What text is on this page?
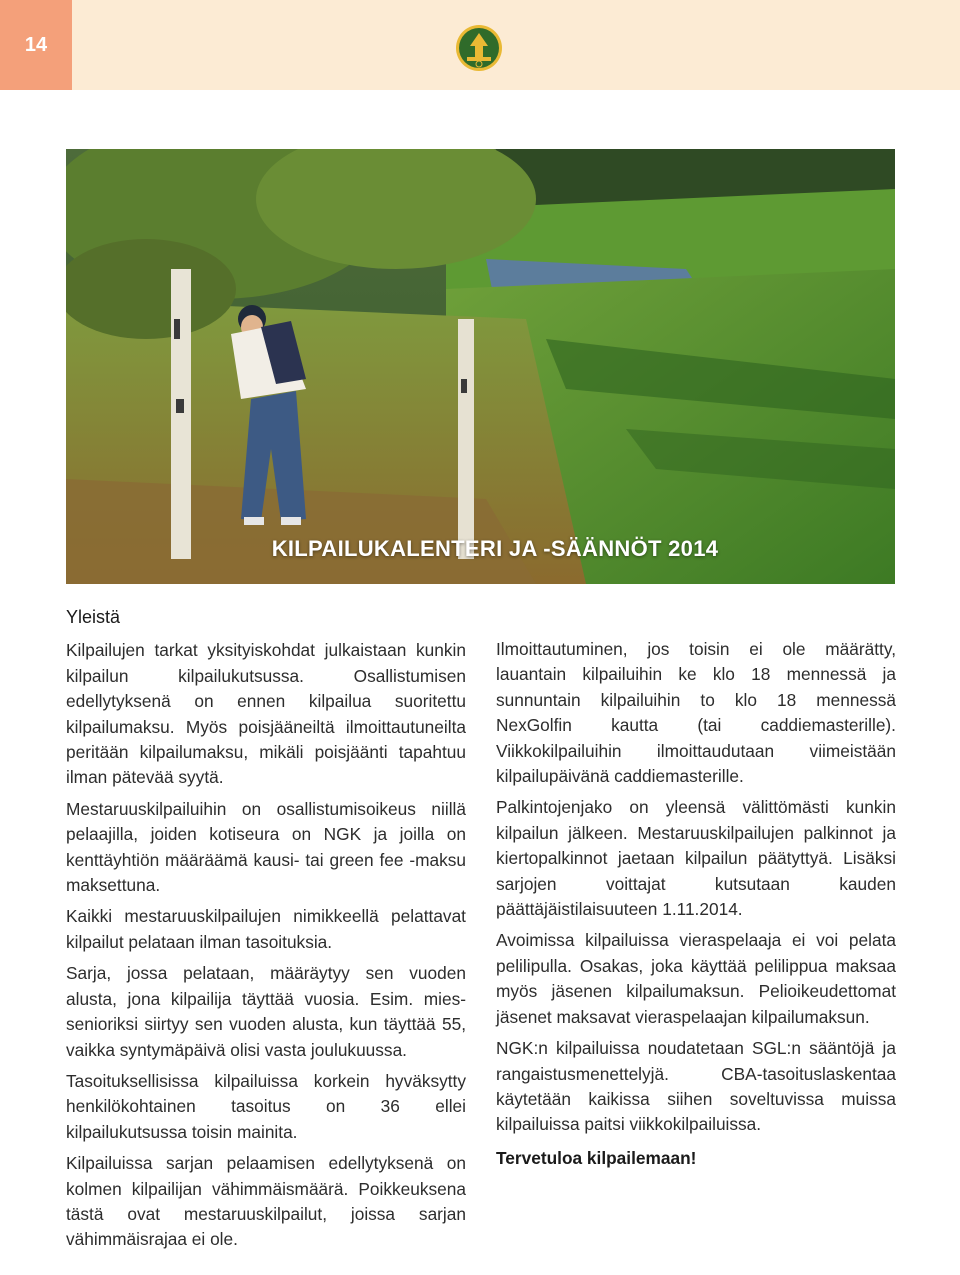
14
KILPAILUKALENTERI JA -SÄÄNNÖT 2014
Yleistä

Kilpailujen tarkat yksityiskohdat julkaistaan kunkin kilpailun kilpailukutsussa. Osallistumisen edellytyksenä on ennen kilpailua suoritettu kilpailumaksu. Myös poisjääneiltä ilmoittautuneilta peritään kilpailumaksu, mikäli poisjäänti tapahtuu ilman pätevää syytä.

Mestaruuskilpailuihin on osallistumisoikeus niillä pelaajilla, joiden kotiseura on NGK ja joilla on kenttäyhtiön määräämä kausi- tai green fee -maksu maksettuna.

Kaikki mestaruuskilpailujen nimikkeellä pelattavat kilpailut pelataan ilman tasoituksia.

Sarja, jossa pelataan, määräytyy sen vuoden alusta, jona kilpailija täyttää vuosia. Esim. mies-senioriksi siirtyy sen vuoden alusta, kun täyttää 55, vaikka syntymäpäivä olisi vasta joulukuussa.

Tasoituksellisissa kilpailuissa korkein hyväksytty henkilökohtainen tasoitus on 36 ellei kilpailukutsussa toisin mainita.

Kilpailuissa sarjan pelaamisen edellytyksenä on kolmen kilpailijan vähimmäismäärä. Poikkeuksena tästä ovat mestaruuskilpailut, joissa sarjan vähimmäisrajaa ei ole.

Ilmoittautuminen, jos toisin ei ole määrätty, lauantain kilpailuihin ke klo 18 mennessä ja sunnuntain kilpailuihin to klo 18 mennessä NexGolfin kautta (tai caddiemasterille). Viikkokilpailuihin ilmoittaudutaan viimeistään kilpailupäivänä caddiemasterille.

Palkintojenjako on yleensä välittömästi kunkin kilpailun jälkeen. Mestaruuskilpailujen palkinnot ja kiertopalkinnot jaetaan kilpailun päätyttyä. Lisäksi sarjojen voittajat kutsutaan kauden päättäjäistilaisuuteen 1.11.2014.

Avoimissa kilpailuissa vieraspelaaja ei voi pelata pelilipulla. Osakas, joka käyttää pelilippua maksaa myös jäsenen kilpailumaksun. Pelioikeudettomat jäsenet maksavat vieraspelaajan kilpailumaksun.

NGK:n kilpailuissa noudatetaan SGL:n sääntöjä ja rangaistusmenettelyjä. CBA-tasoituslaskentaa käytetään kaikissa siihen soveltuvissa muissa kilpailuissa paitsi viikkokilpailuissa.

Tervetuloa kilpailemaan!
